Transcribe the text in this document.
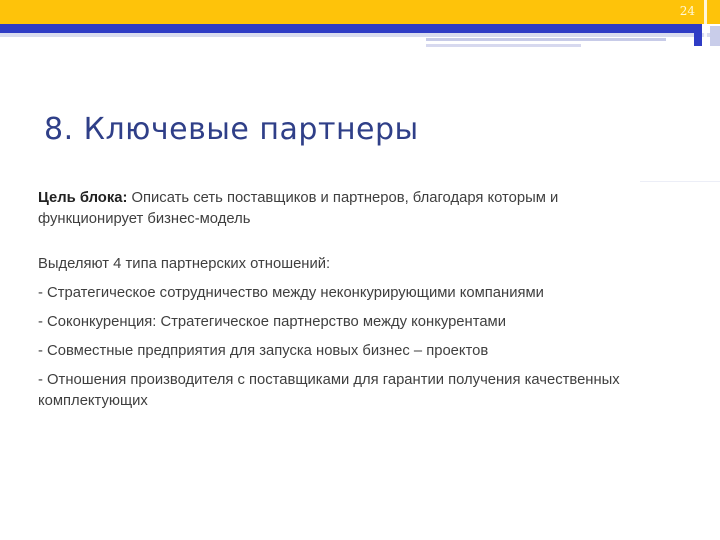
24
8. Ключевые партнеры

Цель блока: Описать сеть поставщиков и партнеров, благодаря которым и функционирует бизнес-модель

Выделяют 4 типа партнерских отношений:

- Стратегическое сотрудничество между неконкурирующими компаниями

- Соконкуренция: Стратегическое партнерство между конкурентами

- Совместные предприятия для запуска новых бизнес – проектов

- Отношения производителя с поставщиками для гарантии получения качественных комплектующих
